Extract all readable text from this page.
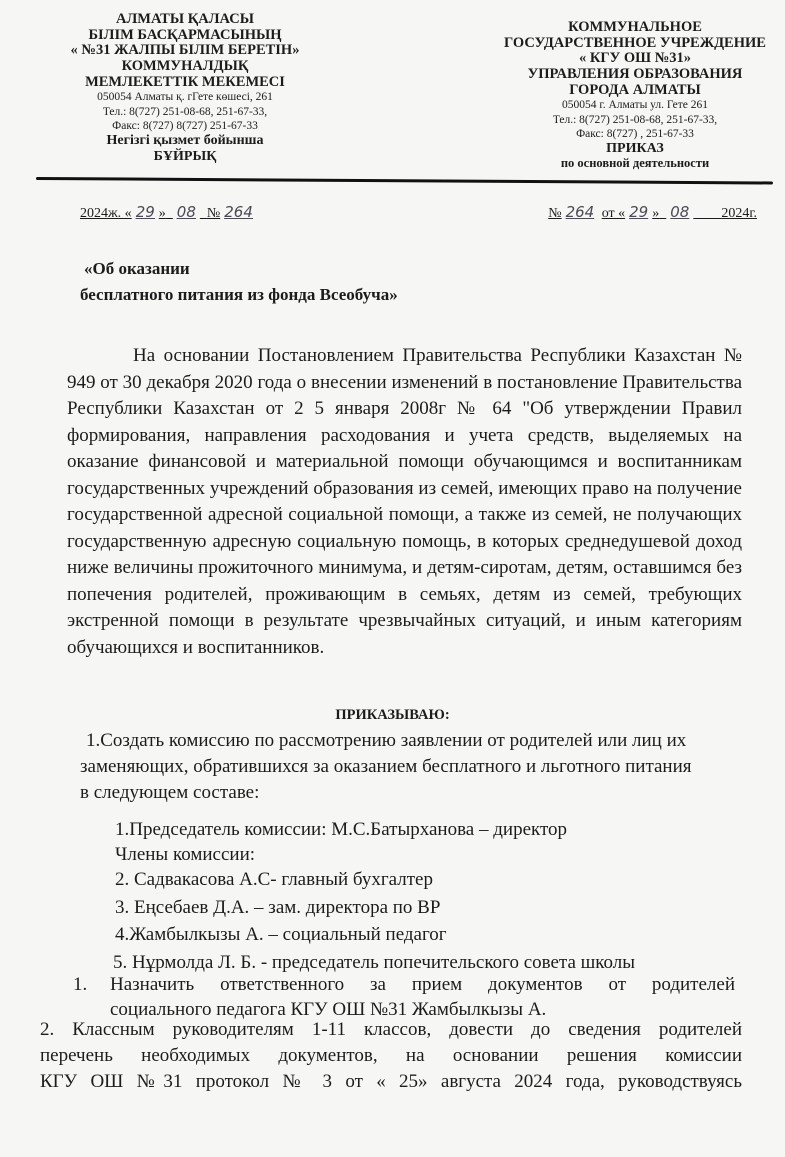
АЛМАТЫ ҚАЛАСЫ
БІЛІМ БАСҚАРМАСЫНЫҢ
« №31 ЖАЛПЫ БІЛІМ БЕРЕТІН»
КОММУНАЛДЫҚ
МЕМЛЕКЕТТІК МЕКЕМЕСІ
050054 Алматы қ. гГете көшесі, 261
Тел.: 8(727) 251-08-68, 251-67-33,
Факс: 8(727) 8(727) 251-67-33
Негізгі қызмет бойынша
БҰЙРЫҚ
КОММУНАЛЬНОЕ
ГОСУДАРСТВЕННОЕ УЧРЕЖДЕНИЕ
« КГУ ОШ №31»
УПРАВЛЕНИЯ ОБРАЗОВАНИЯ
ГОРОДА АЛМАТЫ
050054 г. Алматы ул. Гете 261
Тел.: 8(727) 251-08-68, 251-67-33,
Факс: 8(727) , 251-67-33
ПРИКАЗ
по основной деятельности
2024ж. « 29 » 08 № 264	№ 264 от « 29 » 08 2024г.
«Об оказании
бесплатного питания из фонда Всеобуча»

На основании Постановлением Правительства Республики Казахстан № 949 от 30 декабря 2020 года о внесении изменений в постановление Правительства Республики Казахстан от 2 5 января 2008г № 64 "Об утверждении Правил формирования, направления расходования и учета средств, выделяемых на оказание финансовой и материальной помощи обучающимся и воспитанникам государственных учреждений образования из семей, имеющих право на получение государственной адресной социальной помощи, а также из семей, не получающих государственную адресную социальную помощь, в которых среднедушевой доход ниже величины прожиточного минимума, и детям-сиротам, детям, оставшимся без попечения родителей, проживающим в семьях, детям из семей, требующих экстренной помощи в результате чрезвычайных ситуаций, и иным категориям обучающихся и воспитанников.

ПРИКАЗЫВАЮ:
1.Создать комиссию по рассмотрению заявлении от родителей или лиц их
заменяющих, обратившихся за оказанием бесплатного и льготного питания
в следующем составе:
1.Председатель комиссии: М.С.Батырханова – директор
Члены комиссии:
2. Садвакасова А.С- главный бухгалтер
3. Еңсебаев Д.А. – зам. директора по ВР
4.Жамбылкызы А. – социальный педагог
5. Нұрмолда Л. Б. - председатель попечительского совета школы
1.	Назначить ответственного за прием документов от родителей
социального педагога КГУ ОШ №31 Жамбылкызы А.
2. Классным руководителям 1-11 классов, довести до сведения родителей
перечень необходимых документов, на основании решения комиссии
КГУ ОШ №31 протокол № 3 от « 25» августа 2024 года, руководствуясь
